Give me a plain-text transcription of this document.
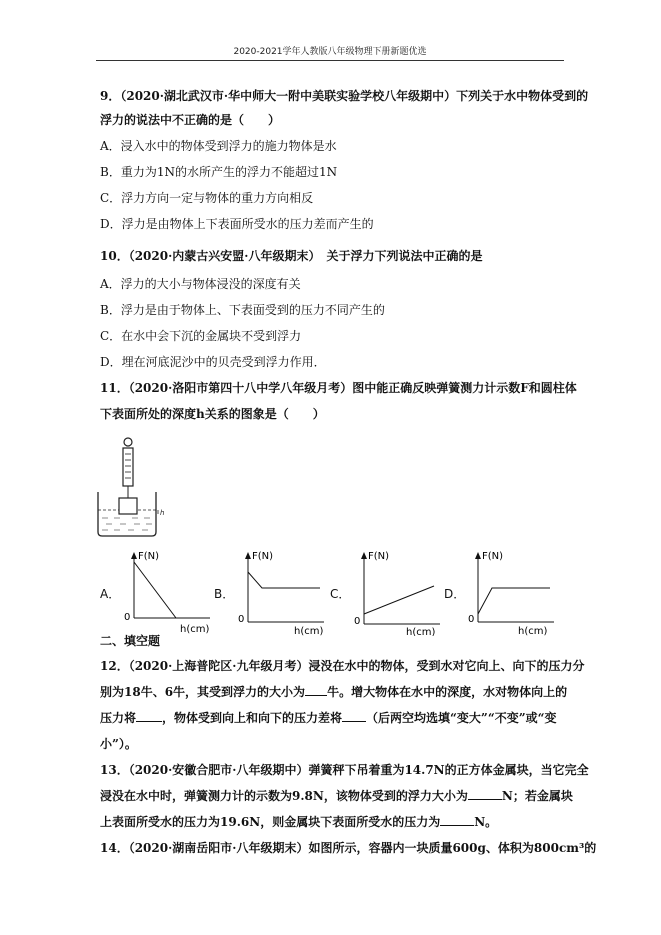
2020-2021学年人教版八年级物理下册新题优选
9．（2020·湖北武汉市·华中师大一附中美联实验学校八年级期中）下列关于水中物体受到的
浮力的说法中不正确的是（　　）
A．浸入水中的物体受到浮力的施力物体是水
B．重力为1N的水所产生的浮力不能超过1N
C．浮力方向一定与物体的重力方向相反
D．浮力是由物体上下表面所受水的压力差而产生的
10．（2020·内蒙古兴安盟·八年级期末）　关于浮力下列说法中正确的是
A．浮力的大小与物体浸没的深度有关
B．浮力是由于物体上、下表面受到的压力不同产生的
C．在水中会下沉的金属块不受到浮力
D．埋在河底泥沙中的贝壳受到浮力作用．
11．（2020·洛阳市第四十八中学八年级月考）图中能正确反映弹簧测力计示数F和圆柱体
下表面所处的深度h关系的图象是（　　）
h
A．
F(N)
0
h(cm)
B．
F(N)
0
h(cm)
C．
F(N)
0
h(cm)
D．
F(N)
0
h(cm)
二、填空题
12．（2020·上海普陀区·九年级月考）浸没在水中的物体，受到水对它向上、向下的压力分
别为18牛、6牛，其受到浮力的大小为 牛。增大物体在水中的深度，水对物体向上的
压力将 ，物体受到向上和向下的压力差将 （后两空均选填“变大”“不变”或“变
小”）。
13．（2020·安徽合肥市·八年级期中）弹簧秤下吊着重为14.7N的正方体金属块，当它完全
浸没在水中时，弹簧测力计的示数为9.8N，该物体受到的浮力大小为	N；若金属块
上表面所受水的压力为19.6N，则金属块下表面所受水的压力为	N。
14．（2020·湖南岳阳市·八年级期末）如图所示，容器内一块质量600g、体积为800cm³的
